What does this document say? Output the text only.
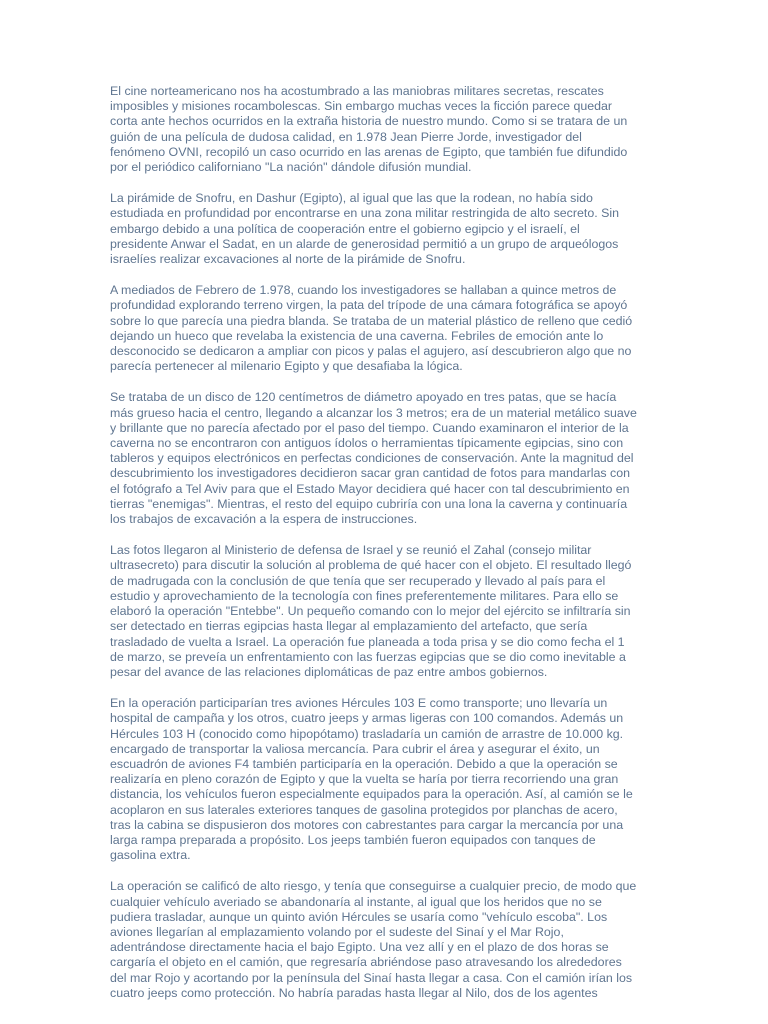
El cine norteamericano nos ha acostumbrado a las maniobras militares secretas, rescates
imposibles y misiones rocambolescas. Sin embargo muchas veces la ficción parece quedar
corta ante hechos ocurridos en la extraña historia de nuestro mundo. Como si se tratara de un
guión de una película de dudosa calidad, en 1.978 Jean Pierre Jorde, investigador del
fenómeno OVNI, recopiló un caso ocurrido en las arenas de Egipto, que también fue difundido
por el periódico californiano "La nación" dándole difusión mundial.

La pirámide de Snofru, en Dashur (Egipto), al igual que las que la rodean, no había sido
estudiada en profundidad por encontrarse en una zona militar restringida de alto secreto. Sin
embargo debido a una política de cooperación entre el gobierno egipcio y el israelí, el
presidente Anwar el Sadat, en un alarde de generosidad permitió a un grupo de arqueólogos
israelíes realizar excavaciones al norte de la pirámide de Snofru.

A mediados de Febrero de 1.978, cuando los investigadores se hallaban a quince metros de
profundidad explorando terreno virgen, la pata del trípode de una cámara fotográfica se apoyó
sobre lo que parecía una piedra blanda. Se trataba de un material plástico de relleno que cedió
dejando un hueco que revelaba la existencia de una caverna. Febriles de emoción ante lo
desconocido se dedicaron a ampliar con picos y palas el agujero, así descubrieron algo que no
parecía pertenecer al milenario Egipto y que desafiaba la lógica.

Se trataba de un disco de 120 centímetros de diámetro apoyado en tres patas, que se hacía
más grueso hacia el centro, llegando a alcanzar los 3 metros; era de un material metálico suave
y brillante que no parecía afectado por el paso del tiempo. Cuando examinaron el interior de la
caverna no se encontraron con antiguos ídolos o herramientas típicamente egipcias, sino con
tableros y equipos electrónicos en perfectas condiciones de conservación. Ante la magnitud del
descubrimiento los investigadores decidieron sacar gran cantidad de fotos para mandarlas con
el fotógrafo a Tel Aviv para que el Estado Mayor decidiera qué hacer con tal descubrimiento en
tierras "enemigas". Mientras, el resto del equipo cubriría con una lona la caverna y continuaría
los trabajos de excavación a la espera de instrucciones.

Las fotos llegaron al Ministerio de defensa de Israel y se reunió el Zahal (consejo militar
ultrasecreto) para discutir la solución al problema de qué hacer con el objeto. El resultado llegó
de madrugada con la conclusión de que tenía que ser recuperado y llevado al país para el
estudio y aprovechamiento de la tecnología con fines preferentemente militares. Para ello se
elaboró la operación "Entebbe". Un pequeño comando con lo mejor del ejército se infiltraría sin
ser detectado en tierras egipcias hasta llegar al emplazamiento del artefacto, que sería
trasladado de vuelta a Israel. La operación fue planeada a toda prisa y se dio como fecha el 1
de marzo, se preveía un enfrentamiento con las fuerzas egipcias que se dio como inevitable a
pesar del avance de las relaciones diplomáticas de paz entre ambos gobiernos.

En la operación participarían tres aviones Hércules 103 E como transporte; uno llevaría un
hospital de campaña y los otros, cuatro jeeps y armas ligeras con 100 comandos. Además un
Hércules 103 H (conocido como hipopótamo) trasladaría un camión de arrastre de 10.000 kg.
encargado de transportar la valiosa mercancía. Para cubrir el área y asegurar el éxito, un
escuadrón de aviones F4 también participaría en la operación. Debido a que la operación se
realizaría en pleno corazón de Egipto y que la vuelta se haría por tierra recorriendo una gran
distancia, los vehículos fueron especialmente equipados para la operación. Así, al camión se le
acoplaron en sus laterales exteriores tanques de gasolina protegidos por planchas de acero,
tras la cabina se dispusieron dos motores con cabrestantes para cargar la mercancía por una
larga rampa preparada a propósito. Los jeeps también fueron equipados con tanques de
gasolina extra.

La operación se calificó de alto riesgo, y tenía que conseguirse a cualquier precio, de modo que
cualquier vehículo averiado se abandonaría al instante, al igual que los heridos que no se
pudiera trasladar, aunque un quinto avión Hércules se usaría como "vehículo escoba". Los
aviones llegarían al emplazamiento volando por el sudeste del Sinaí y el Mar Rojo,
adentrándose directamente hacia el bajo Egipto. Una vez allí y en el plazo de dos horas se
cargaría el objeto en el camión, que regresaría abriéndose paso atravesando los alrededores
del mar Rojo y acortando por la península del Sinaí hasta llegar a casa. Con el camión irían los
cuatro jeeps como protección. No habría paradas hasta llegar al Nilo, dos de los agentes
